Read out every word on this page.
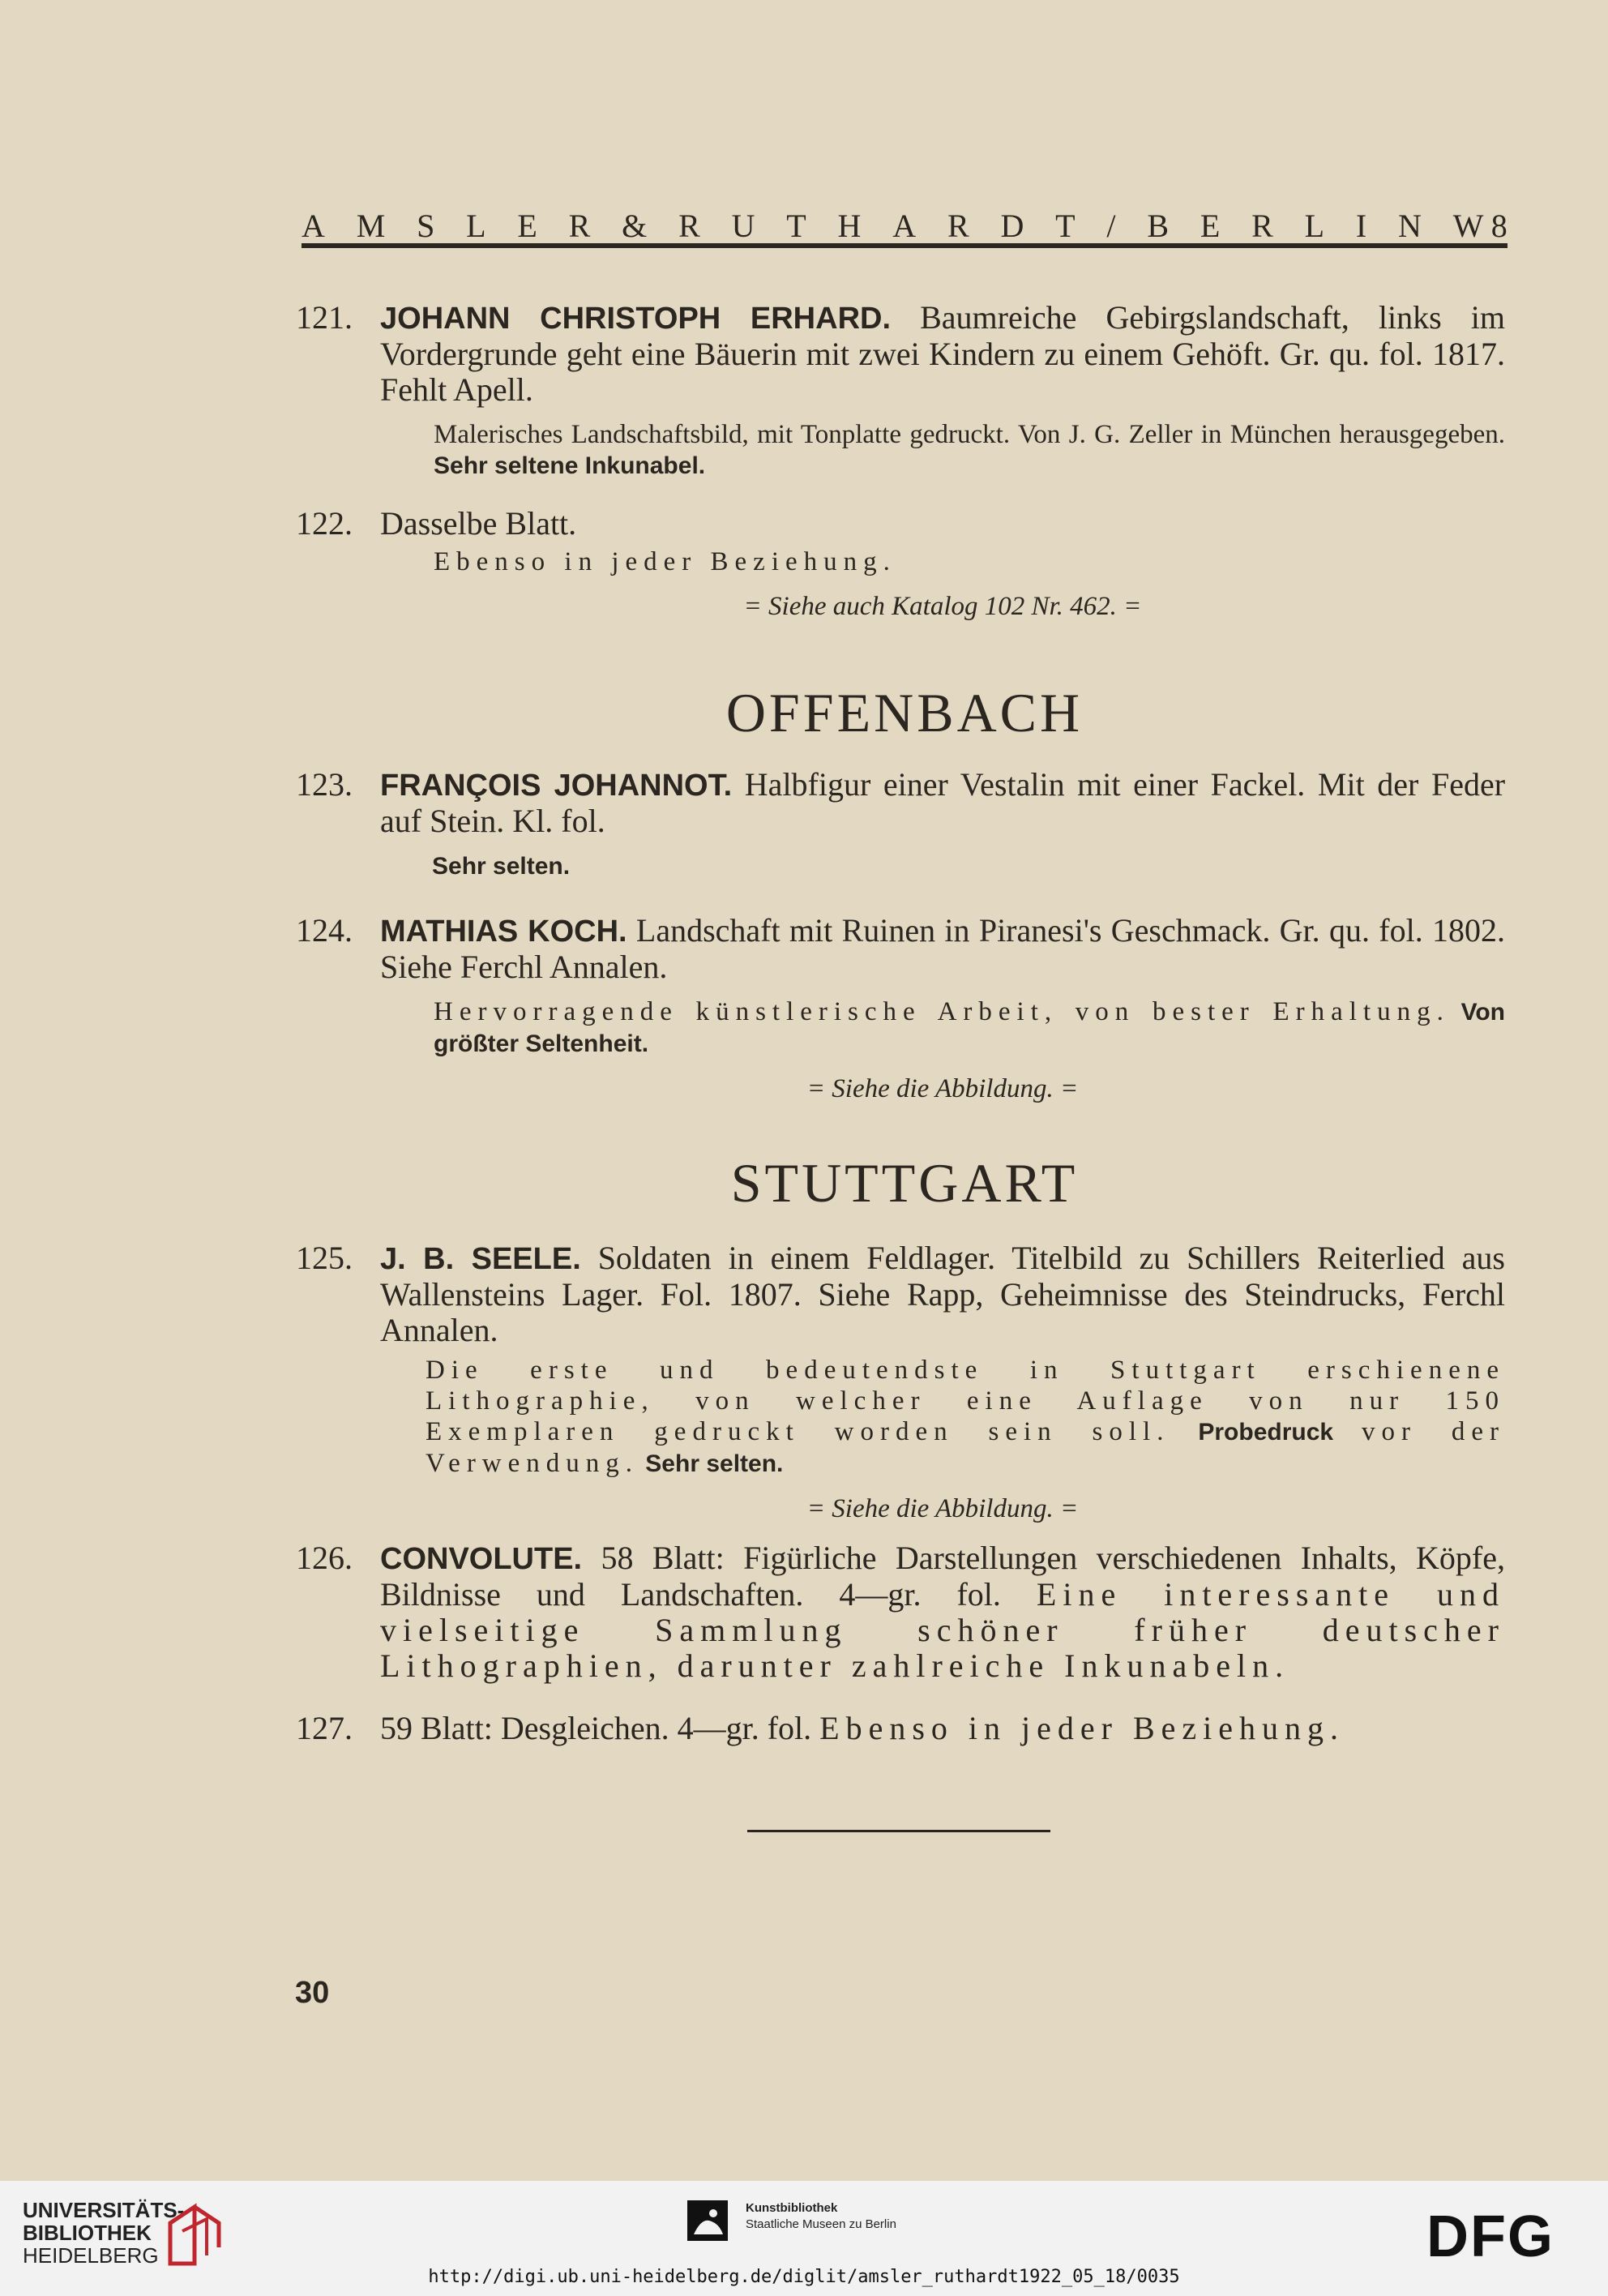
A M S L E R & R U T H A R D T / B E R L I N W 8
121. JOHANN CHRISTOPH ERHARD. Baumreiche Gebirgslandschaft, links im Vordergrunde geht eine Bäuerin mit zwei Kindern zu einem Gehöft. Gr. qu. fol. 1817. Fehlt Apell.
Malerisches Landschaftsbild, mit Tonplatte gedruckt. Von J. G. Zeller in München herausgegeben. Sehr seltene Inkunabel.
122. Dasselbe Blatt.
Ebenso in jeder Beziehung.
= Siehe auch Katalog 102 Nr. 462. =
OFFENBACH
123. FRANÇOIS JOHANNOT. Halbfigur einer Vestalin mit einer Fackel. Mit der Feder auf Stein. Kl. fol.
Sehr selten.
124. MATHIAS KOCH. Landschaft mit Ruinen in Piranesi's Geschmack. Gr. qu. fol. 1802. Siehe Ferchl Annalen.
Hervorragende künstlerische Arbeit, von bester Erhaltung. Von größter Seltenheit.
= Siehe die Abbildung. =
STUTTGART
125. J. B. SEELE. Soldaten in einem Feldlager. Titelbild zu Schillers Reiterlied aus Wallensteins Lager. Fol. 1807. Siehe Rapp, Geheimnisse des Steindrucks, Ferchl Annalen.
Die erste und bedeutendste in Stuttgart erschienene Lithographie, von welcher eine Auflage von nur 150 Exemplaren gedruckt worden sein soll. Probedruck vor der Verwendung. Sehr selten.
= Siehe die Abbildung. =
126. CONVOLUTE. 58 Blatt: Figürliche Darstellungen verschiedenen Inhalts, Köpfe, Bildnisse und Landschaften. 4—gr. fol. Eine interessante und vielseitige Sammlung schöner früher deutscher Lithographien, darunter zahlreiche Inkunabeln.
127. 59 Blatt: Desgleichen. 4—gr. fol. Ebenso in jeder Beziehung.
30
UNIVERSITÄTS-
BIBLIOTHEK
HEIDELBERG
Kunstbibliothek
Staatliche Museen zu Berlin	DFG
http://digi.ub.uni-heidelberg.de/diglit/amsler_ruthardt1922_05_18/0035
